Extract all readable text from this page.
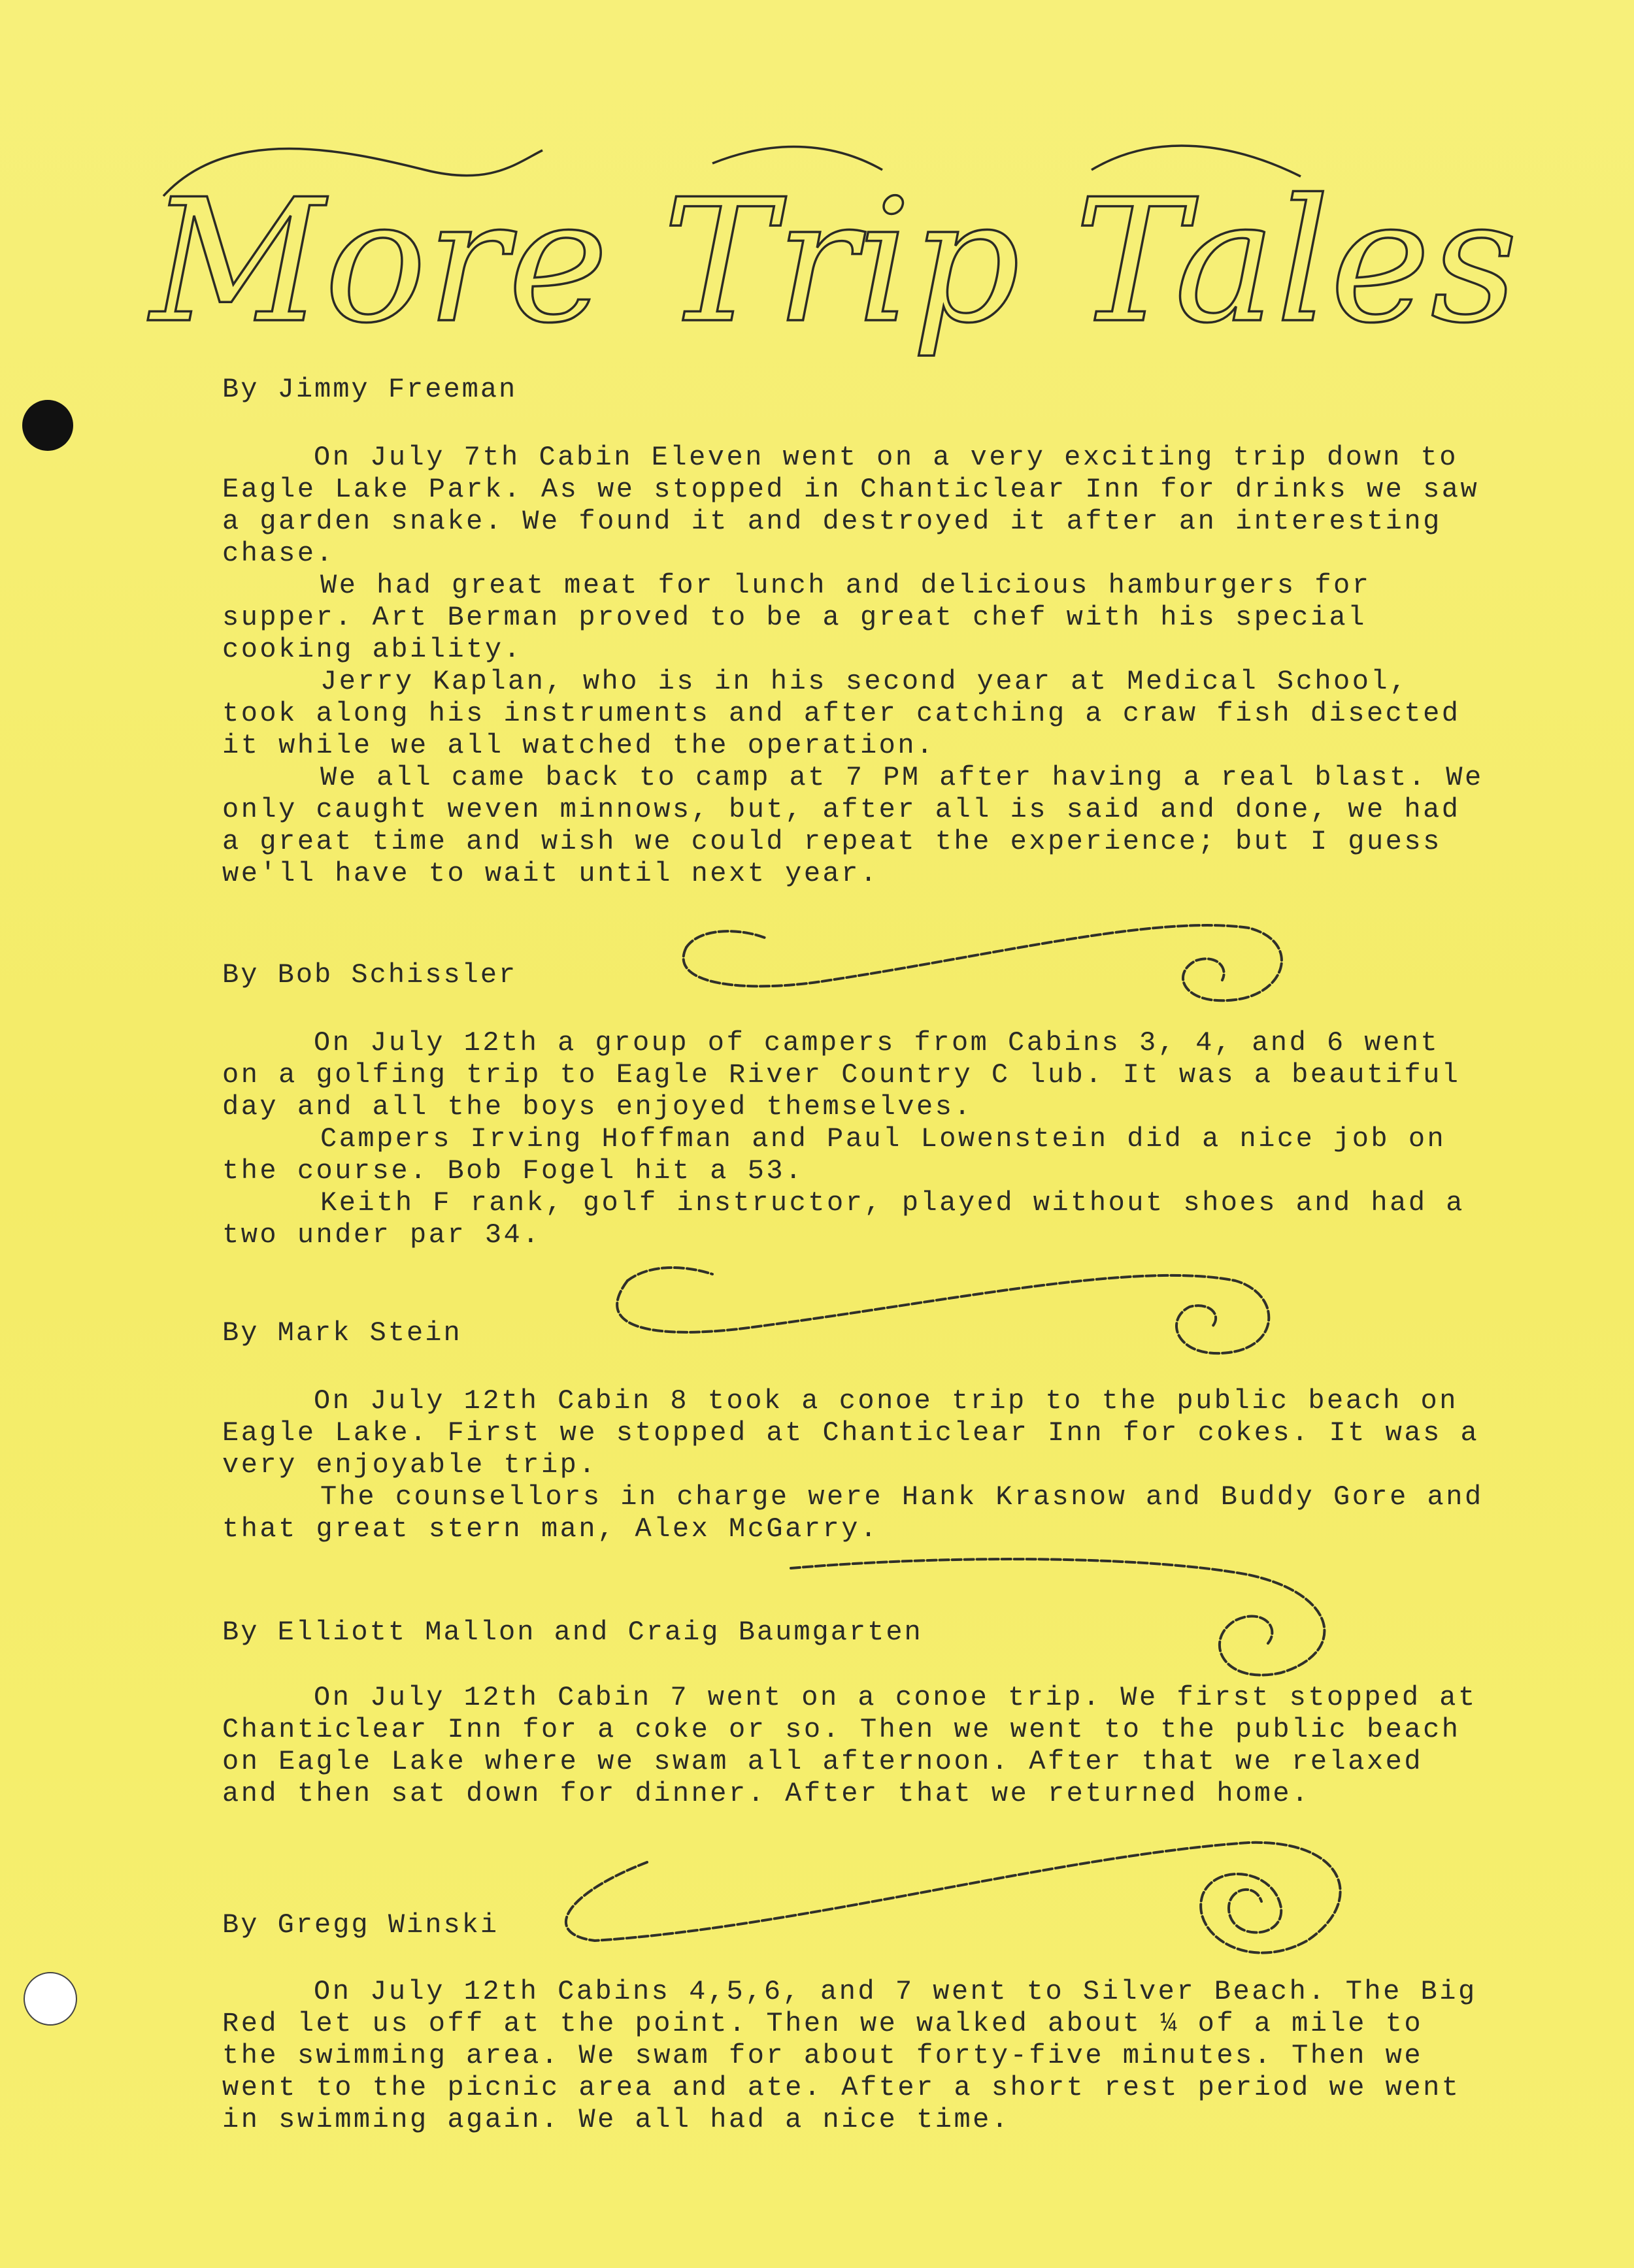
More Trip Tales
By Jimmy Freeman

On July 7th Cabin Eleven went on a very exciting trip down to Eagle Lake Park. As we stopped in Chanticlear Inn for drinks we saw a garden snake. We found it and destroyed it after an interesting chase.

We had great meat for lunch and delicious hamburgers for supper. Art Berman proved to be a great chef with his special cooking ability.

Jerry Kaplan, who is in his second year at Medical School, took along his instruments and after catching a craw fish disected it while we all watched the operation.

We all came back to camp at 7 PM after having a real blast. We only caught weven minnows, but, after all is said and done, we had a great time and wish we could repeat the experience; but I guess we'll have to wait until next year.

By Bob Schissler

On July 12th a group of campers from Cabins 3, 4, and 6 went on a golfing trip to Eagle River Country C lub. It was a beautiful day and all the boys enjoyed themselves.

Campers Irving Hoffman and Paul Lowenstein did a nice job on the course. Bob Fogel hit a 53.

Keith F rank, golf instructor, played without shoes and had a two under par 34.

By Mark Stein

On July 12th Cabin 8 took a conoe trip to the public beach on Eagle Lake. First we stopped at Chanticlear Inn for cokes. It was a very enjoyable trip.

The counsellors in charge were Hank Krasnow and Buddy Gore and that great stern man, Alex McGarry.

By Elliott Mallon and Craig Baumgarten

On July 12th Cabin 7 went on a conoe trip. We first stopped at Chanticlear Inn for a coke or so. Then we went to the public beach on Eagle Lake where we swam all afternoon. After that we relaxed and then sat down for dinner. After that we returned home.

By Gregg Winski

On July 12th Cabins 4,5,6, and 7 went to Silver Beach. The Big Red let us off at the point. Then we walked about ¼ of a mile to the swimming area. We swam for about forty-five minutes. Then we went to the picnic area and ate. After a short rest period we went in swimming again. We all had a nice time.
